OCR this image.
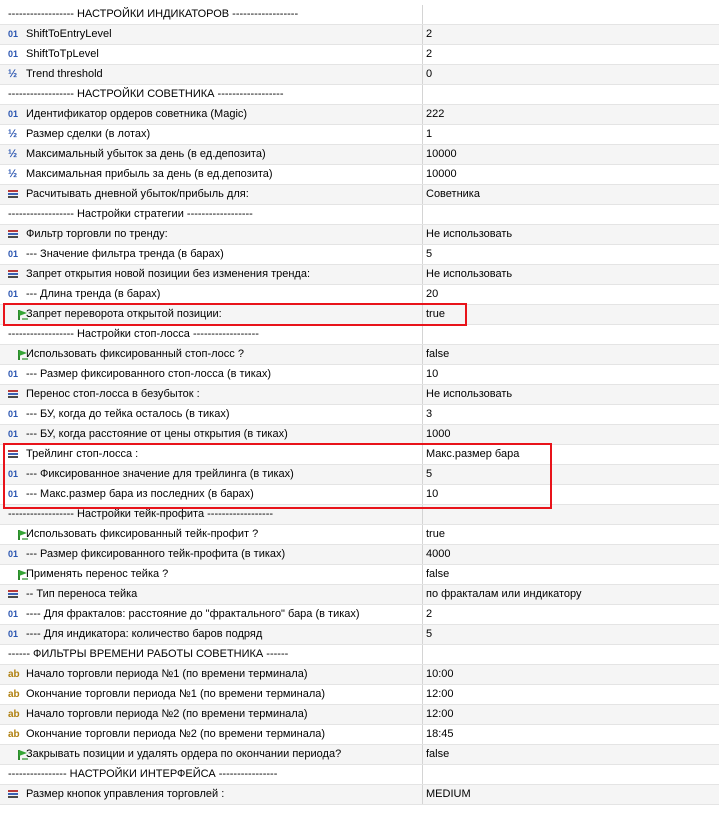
------------------ НАСТРОЙКИ ИНДИКАТОРОВ ------------------
01 ShiftToEntryLevel	2
01 ShiftToTpLevel	2
½ Trend threshold	0
------------------ НАСТРОЙКИ СОВЕТНИКА ------------------
01 Идентификатор ордеров советника (Magic)	222
½ Размер сделки (в лотах)	1
½ Максимальный убыток за день (в ед.депозита)	10000
½ Максимальная прибыль за день (в ед.депозита)	10000
Расчитывать дневной убыток/прибыль для:	Советника
------------------ Настройки стратегии ------------------
Фильтр торговли по тренду:	Не использовать
01 --- Значение фильтра тренда (в барах)	5
Запрет открытия новой позиции без изменения тренда:	Не использовать
01 --- Длина тренда (в барах)	20
Запрет переворота открытой позиции:	true
------------------ Настройки стоп-лосса ------------------
Использовать фиксированный стоп-лосс ?	false
01 --- Размер фиксированного стоп-лосса (в тиках)	10
Перенос стоп-лосса в безубыток :	Не использовать
01 --- БУ, когда до тейка осталось (в тиках)	3
01 --- БУ, когда расстояние от цены открытия (в тиках)	1000
Трейлинг стоп-лосса :	Макс.размер бара
01 --- Фиксированное значение для трейлинга (в тиках)	5
01 --- Макс.размер бара из последних (в барах)	10
------------------ Настройки тейк-профита ------------------
Использовать фиксированный тейк-профит ?	true
01 --- Размер фиксированного тейк-профита (в тиках)	4000
Применять перенос тейка ?	false
-- Тип переноса тейка	по фракталам или индикатору
01 ---- Для фракталов: расстояние до "фрактального" бара (в тиках)	2
01 ---- Для индикатора: количество баров подряд	5
------ ФИЛЬТРЫ ВРЕМЕНИ РАБОТЫ СОВЕТНИКА ------
ab Начало торговли периода №1 (по времени терминала)	10:00
ab Окончание торговли периода №1 (по времени терминала)	12:00
ab Начало торговли периода №2 (по времени терминала)	12:00
ab Окончание торговли периода №2 (по времени терминала)	18:45
Закрывать позиции и удалять ордера по окончании периода?	false
---------------- НАСТРОЙКИ ИНТЕРФЕЙСА ----------------
Размер кнопок управления торговлей :	MEDIUM
